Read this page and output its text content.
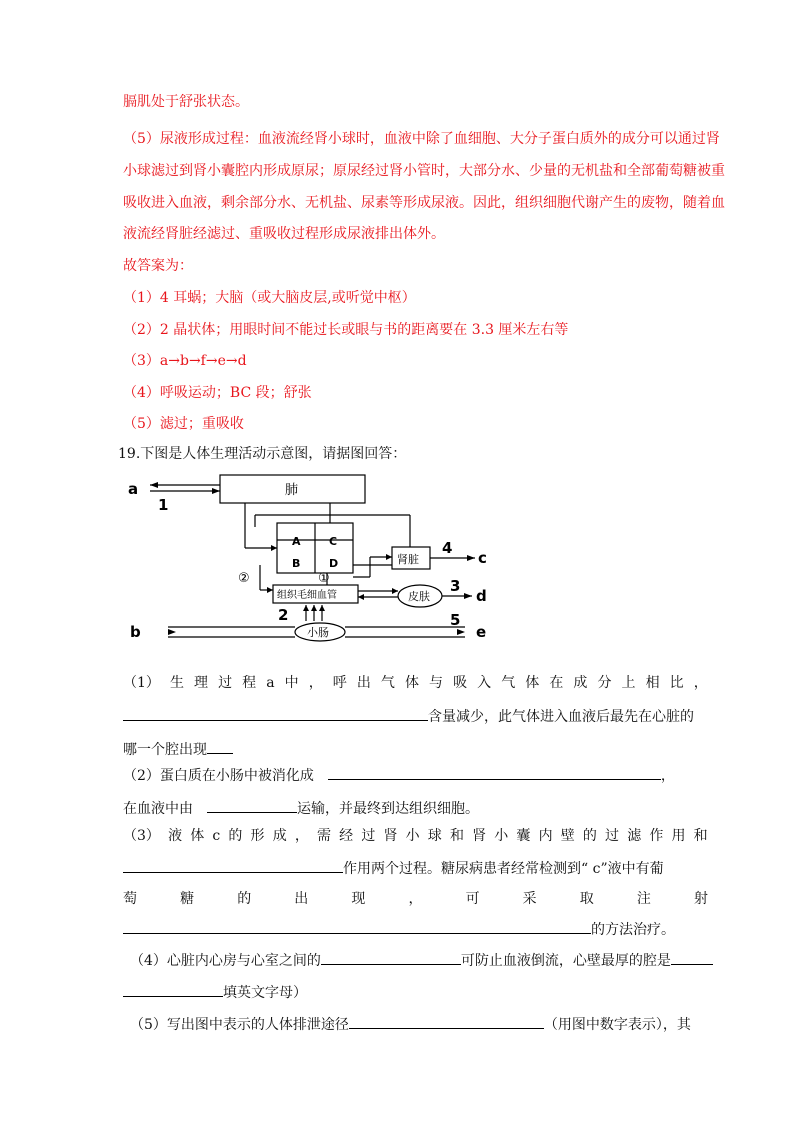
膈肌处于舒张状态。
（5）尿液形成过程：血液流经肾小球时，血液中除了血细胞、大分子蛋白质外的成分可以通过肾
小球滤过到肾小囊腔内形成原尿；原尿经过肾小管时，大部分水、少量的无机盐和全部葡萄糖被重
吸收进入血液，剩余部分水、无机盐、尿素等形成尿液。因此，组织细胞代谢产生的废物，随着血
液流经肾脏经滤过、重吸收过程形成尿液排出体外。
故答案为：
（1）4 耳蜗；大脑（或大脑皮层,或听觉中枢）
（2）2 晶状体；用眼时间不能过长或眼与书的距离要在 3.3 厘米左右等
（3）a→b→f→e→d
（4）呼吸运动；BC 段；舒张
（5）滤过；重吸收
19.下图是人体生理活动示意图，请据图回答：
a
1
肺
A
B
C
D	肾脏
4
c
②	①
组织毛细血管	皮肤
3
d
2
小肠
b
5
e
（1） 生 理 过 程 a 中 ， 呼 出 气 体 与 吸 入 气 体 在 成 分 上 相 比 ，
含量减少，此气体进入血液后最先在心脏的
哪一个腔出现
（2）蛋白质在小肠中被消化成	，
在血液中由	运输，并最终到达组织细胞。
（3） 液 体 c 的 形 成 ， 需 经 过 肾 小 球 和 肾 小 囊 内 壁 的 过 滤 作 用 和
作用两个过程。糖尿病患者经常检测到“ c”液中有葡
萄	糖	的	出	现	，	可	采	取	注	射
的方法治疗。
（4）心脏内心房与心室之间的	可防止血液倒流，心壁最厚的腔是
填英文字母）
（5）写出图中表示的人体排泄途径	（用图中数字表示），其
